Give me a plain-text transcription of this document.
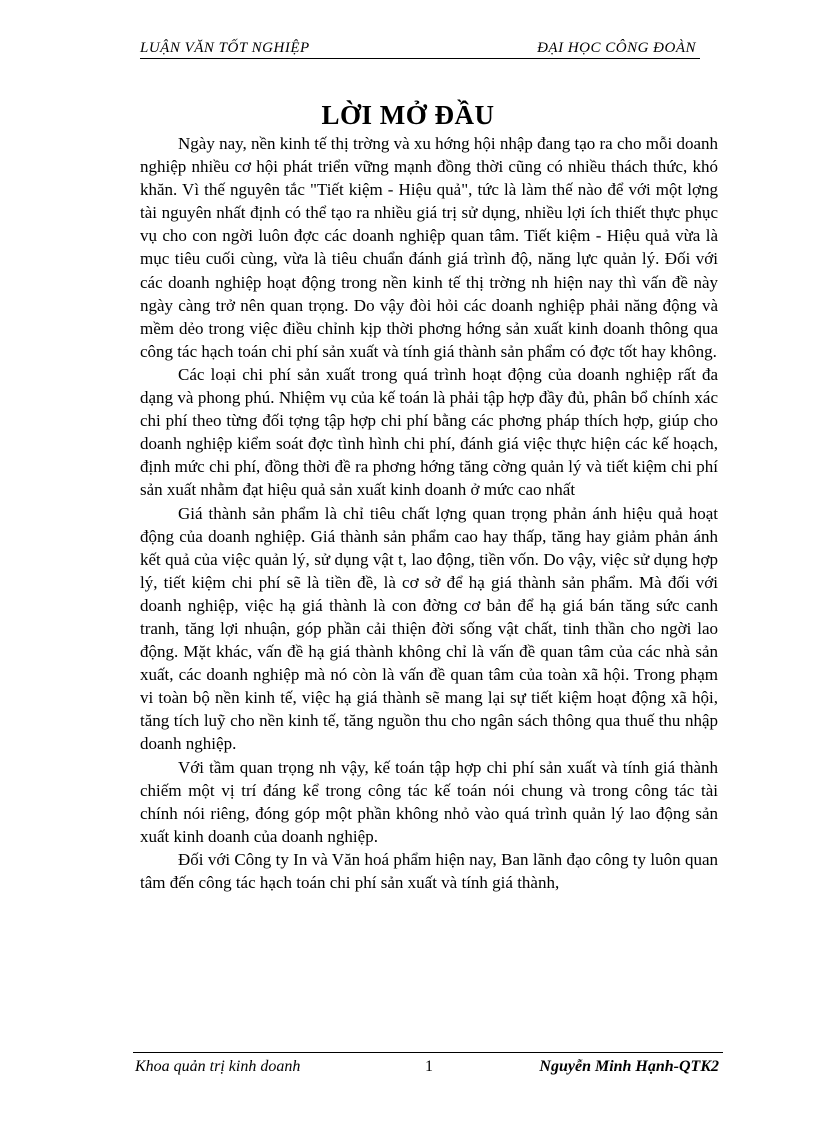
LUẬN VĂN TỐT NGHIỆP	ĐẠI HỌC CÔNG ĐOÀN
LỜI MỞ ĐẦU

Ngày nay, nền kinh tế thị trờng và xu hớng hội nhập đang tạo ra cho mỗi doanh nghiệp nhiều cơ hội phát triển vững mạnh đồng thời cũng có nhiều thách thức, khó khăn. Vì thế nguyên tắc "Tiết kiệm - Hiệu quả", tức là làm thế nào để với một lợng tài nguyên nhất định có thể tạo ra nhiều giá trị sử dụng, nhiều lợi ích thiết thực phục vụ cho con ngời luôn đợc các doanh nghiệp quan tâm. Tiết kiệm - Hiệu quả vừa là mục tiêu cuối cùng, vừa là tiêu chuẩn đánh giá trình độ, năng lực quản lý. Đối với các doanh nghiệp hoạt động trong nền kinh tế thị trờng nh hiện nay thì vấn đề này ngày càng trở nên quan trọng. Do vậy đòi hỏi các doanh nghiệp phải năng động và mềm dẻo trong việc điều chỉnh kịp thời phơng hớng sản xuất kinh doanh thông qua công tác hạch toán chi phí sản xuất và tính giá thành sản phẩm có đợc tốt hay không.

Các loại chi phí sản xuất trong quá trình hoạt động của doanh nghiệp rất đa dạng và phong phú. Nhiệm vụ của kế toán là phải tập hợp đầy đủ, phân bổ chính xác chi phí theo từng đối tợng tập hợp chi phí bằng các phơng pháp thích hợp, giúp cho doanh nghiệp kiểm soát đợc tình hình chi phí, đánh giá việc thực hiện các kế hoạch, định mức chi phí, đồng thời đề ra phơng hớng tăng cờng quản lý và tiết kiệm chi phí sản xuất nhằm đạt hiệu quả sản xuất kinh doanh ở mức cao nhất

Giá thành sản phẩm là chỉ tiêu chất lợng quan trọng phản ánh hiệu quả hoạt động của doanh nghiệp. Giá thành sản phẩm cao hay thấp, tăng hay giảm phản ánh kết quả của việc quản lý, sử dụng vật t, lao động, tiền vốn. Do vậy, việc sử dụng hợp lý, tiết kiệm chi phí sẽ là tiền đề, là cơ sở để hạ giá thành sản phẩm. Mà đối với doanh nghiệp, việc hạ giá thành là con đờng cơ bản để hạ giá bán tăng sức canh tranh, tăng lợi nhuận, góp phần cải thiện đời sống vật chất, tinh thần cho ngời lao động. Mặt khác, vấn đề hạ giá thành không chỉ là vấn đề quan tâm của các nhà sản xuất, các doanh nghiệp mà nó còn là vấn đề quan tâm của toàn xã hội. Trong phạm vi toàn bộ nền kinh tế, việc hạ giá thành sẽ mang lại sự tiết kiệm hoạt động xã hội, tăng tích luỹ cho nền kinh tế, tăng nguồn thu cho ngân sách thông qua thuế thu nhập doanh nghiệp.

Với tầm quan trọng nh vậy, kế toán tập hợp chi phí sản xuất và tính giá thành chiếm một vị trí đáng kể trong công tác kế toán nói chung và trong công tác tài chính nói riêng, đóng góp một phần không nhỏ vào quá trình quản lý lao động sản xuất kinh doanh của doanh nghiệp.

Đối với Công ty In và Văn hoá phẩm hiện nay, Ban lãnh đạo công ty luôn quan tâm đến công tác hạch toán chi phí sản xuất và tính giá thành,

Khoa quản trị kinh doanh	1	Nguyễn Minh Hạnh-QTK2
